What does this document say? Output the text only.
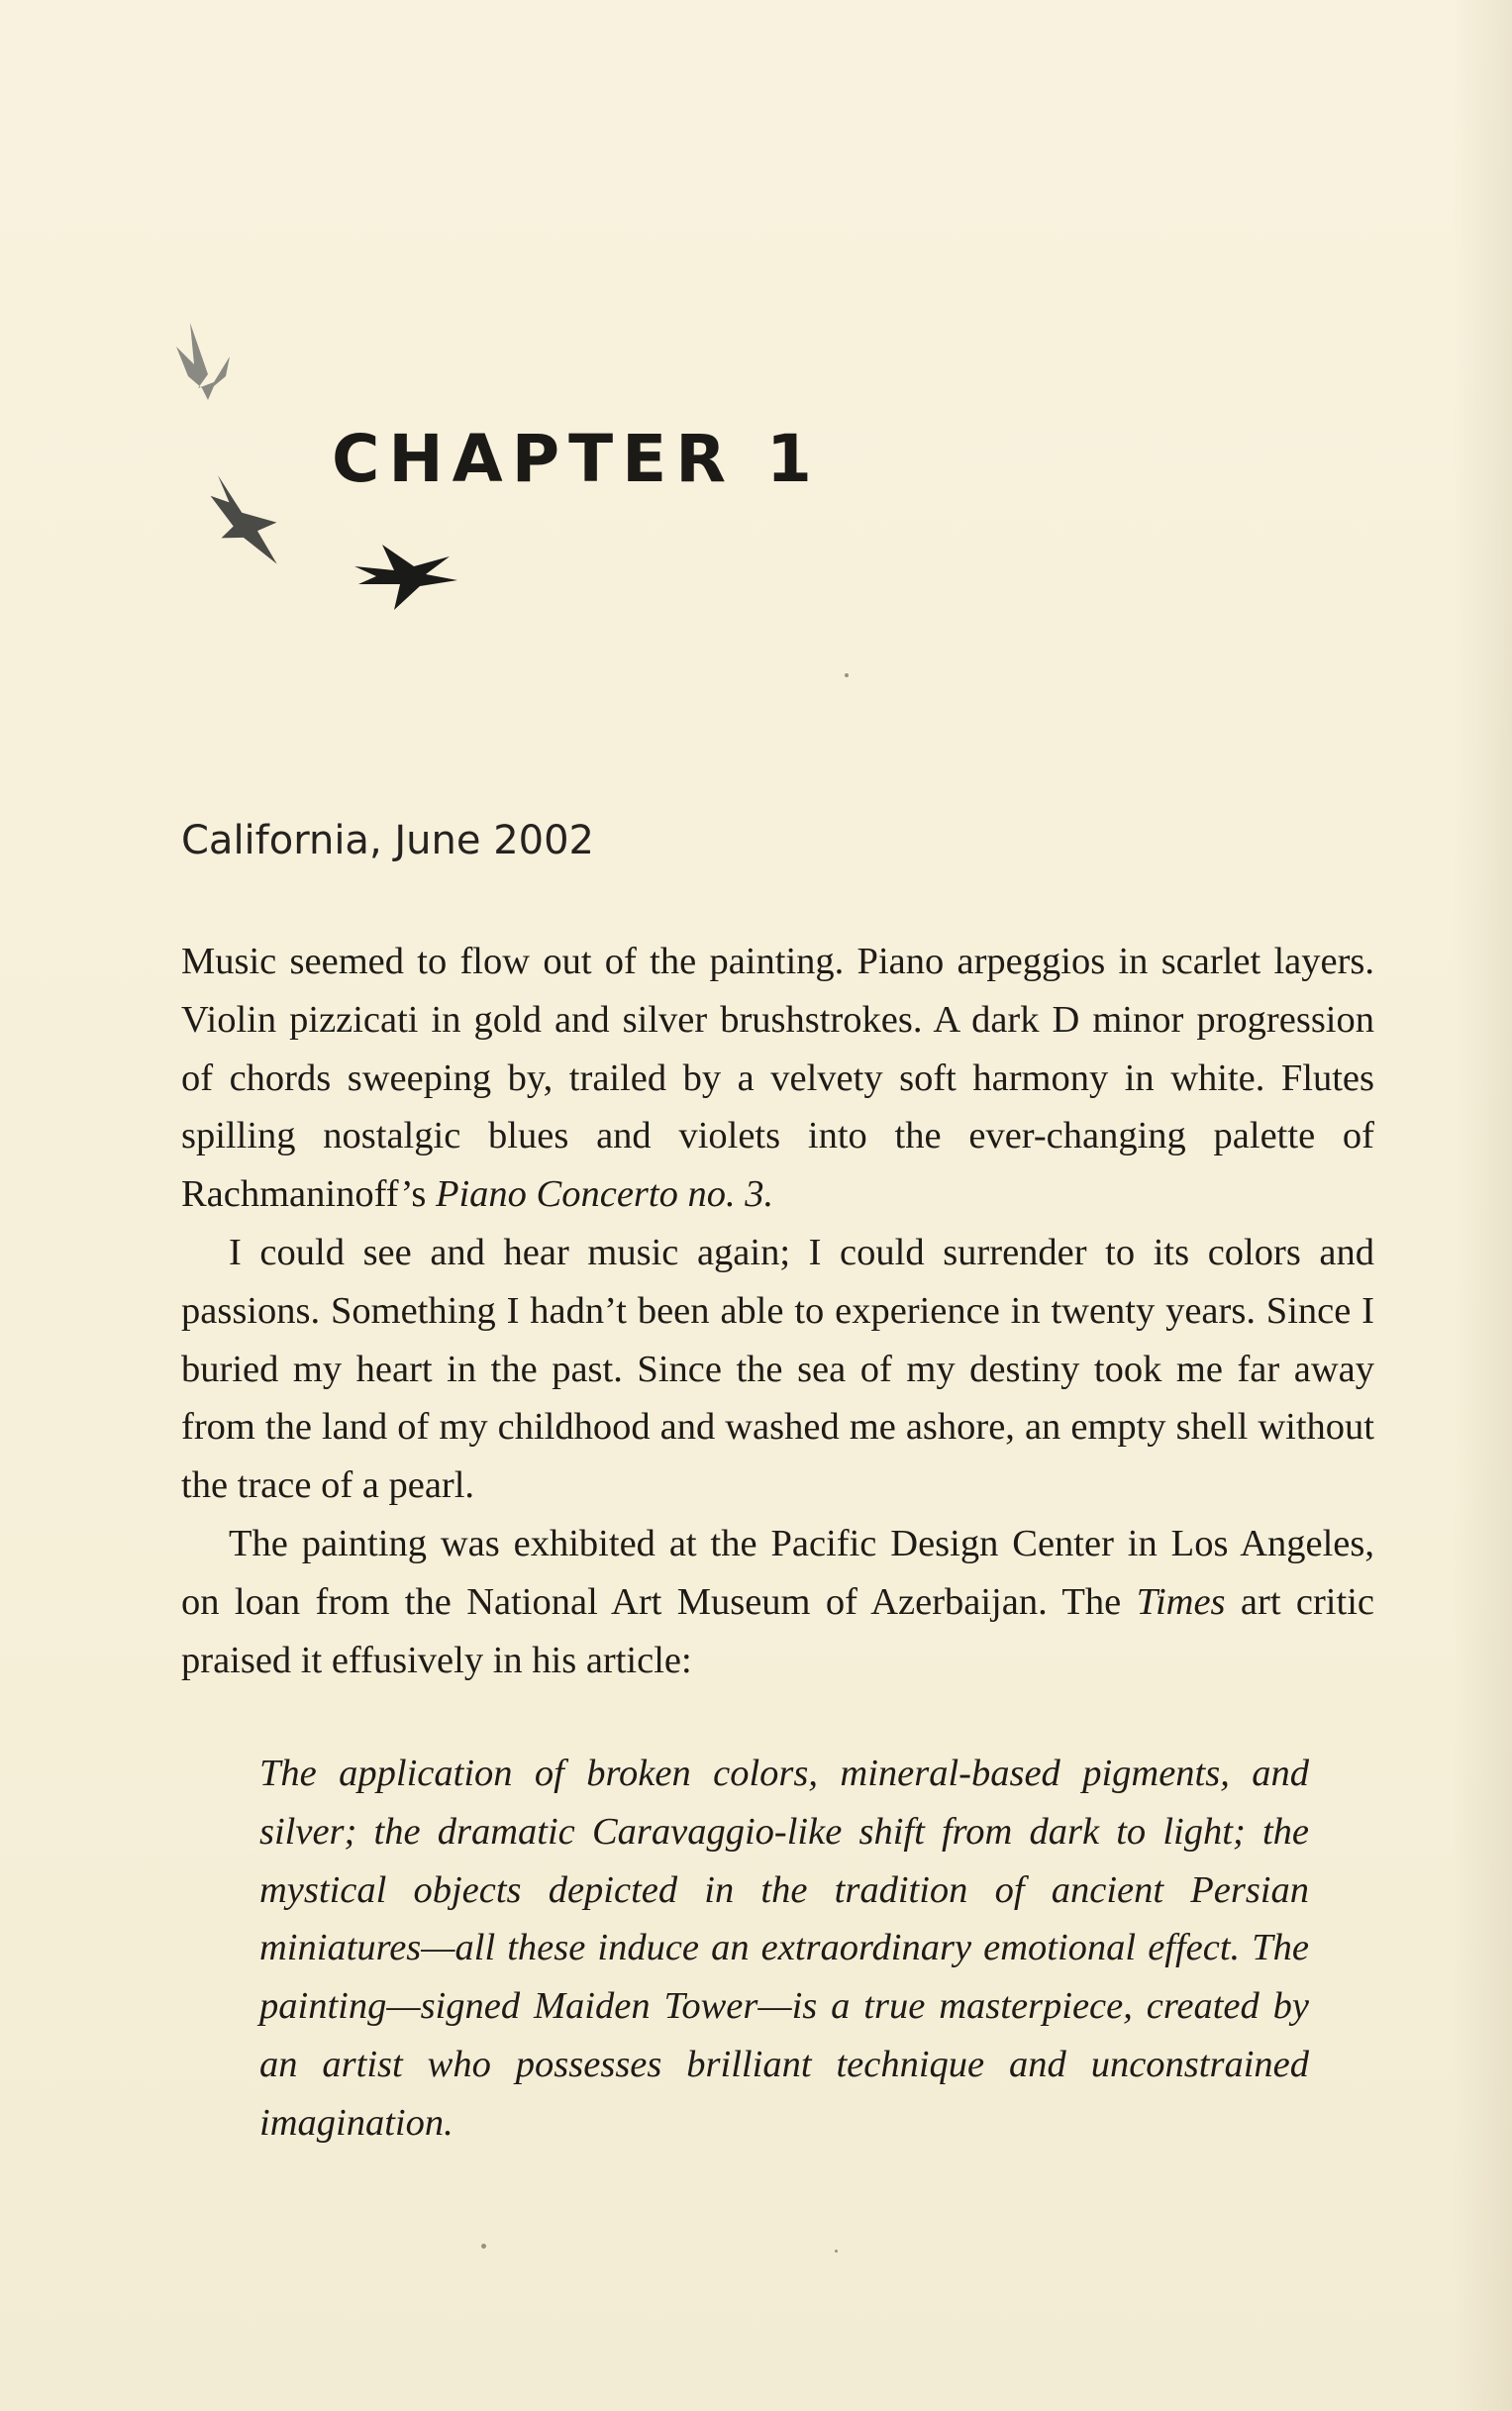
CHAPTER 1

California, June 2002

Music seemed to flow out of the painting. Piano arpeggios in scarlet layers. Violin pizzicati in gold and silver brushstrokes. A dark D minor progression of chords sweeping by, trailed by a velvety soft harmony in white. Flutes spilling nostalgic blues and violets into the ever-changing palette of Rachmaninoff’s Piano Concerto no. 3.

I could see and hear music again; I could surrender to its colors and passions. Something I hadn’t been able to experience in twenty years. Since I buried my heart in the past. Since the sea of my destiny took me far away from the land of my childhood and washed me ashore, an empty shell without the trace of a pearl.

The painting was exhibited at the Pacific Design Center in Los Angeles, on loan from the National Art Museum of Azerbaijan. The Times art critic praised it effusively in his article:

The application of broken colors, mineral-based pigments, and silver; the dramatic Caravaggio-like shift from dark to light; the mystical objects depicted in the tradition of ancient Persian miniatures—all these induce an extraordinary emotional effect. The painting—signed Maiden Tower—is a true masterpiece, created by an artist who possesses brilliant technique and unconstrained imagination.
